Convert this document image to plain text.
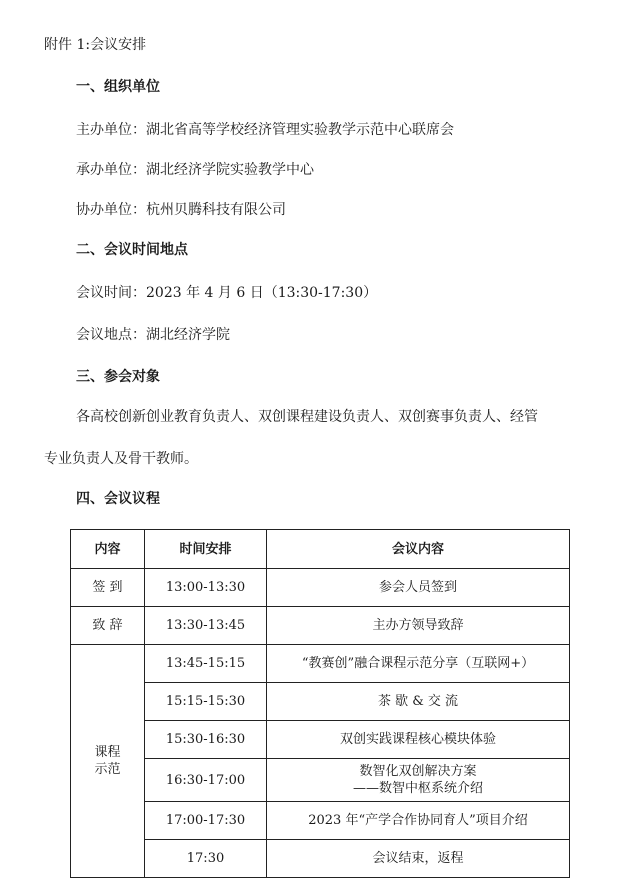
附件 1:会议安排
一、组织单位
主办单位：湖北省高等学校经济管理实验教学示范中心联席会
承办单位：湖北经济学院实验教学中心
协办单位：杭州贝腾科技有限公司
二、会议时间地点
会议时间：2023 年 4 月 6 日（13:30-17:30）
会议地点：湖北经济学院
三、参会对象
各高校创新创业教育负责人、双创课程建设负责人、双创赛事负责人、经管
专业负责人及骨干教师。
四、会议议程
内容	时间安排	会议内容
签 到	13:00-13:30	参会人员签到
致 辞	13:30-13:45	主办方领导致辞

课程
示范	13:45-15:15	“教赛创”融合课程示范分享（互联网+）
	15:15-15:30	茶 歇 & 交 流
	15:30-16:30	双创实践课程核心模块体验
	16:30-17:00	数智化双创解决方案
——数智中枢系统介绍

	17:00-17:30	2023 年“产学合作协同育人”项目介绍
	17:30	会议结束，返程
